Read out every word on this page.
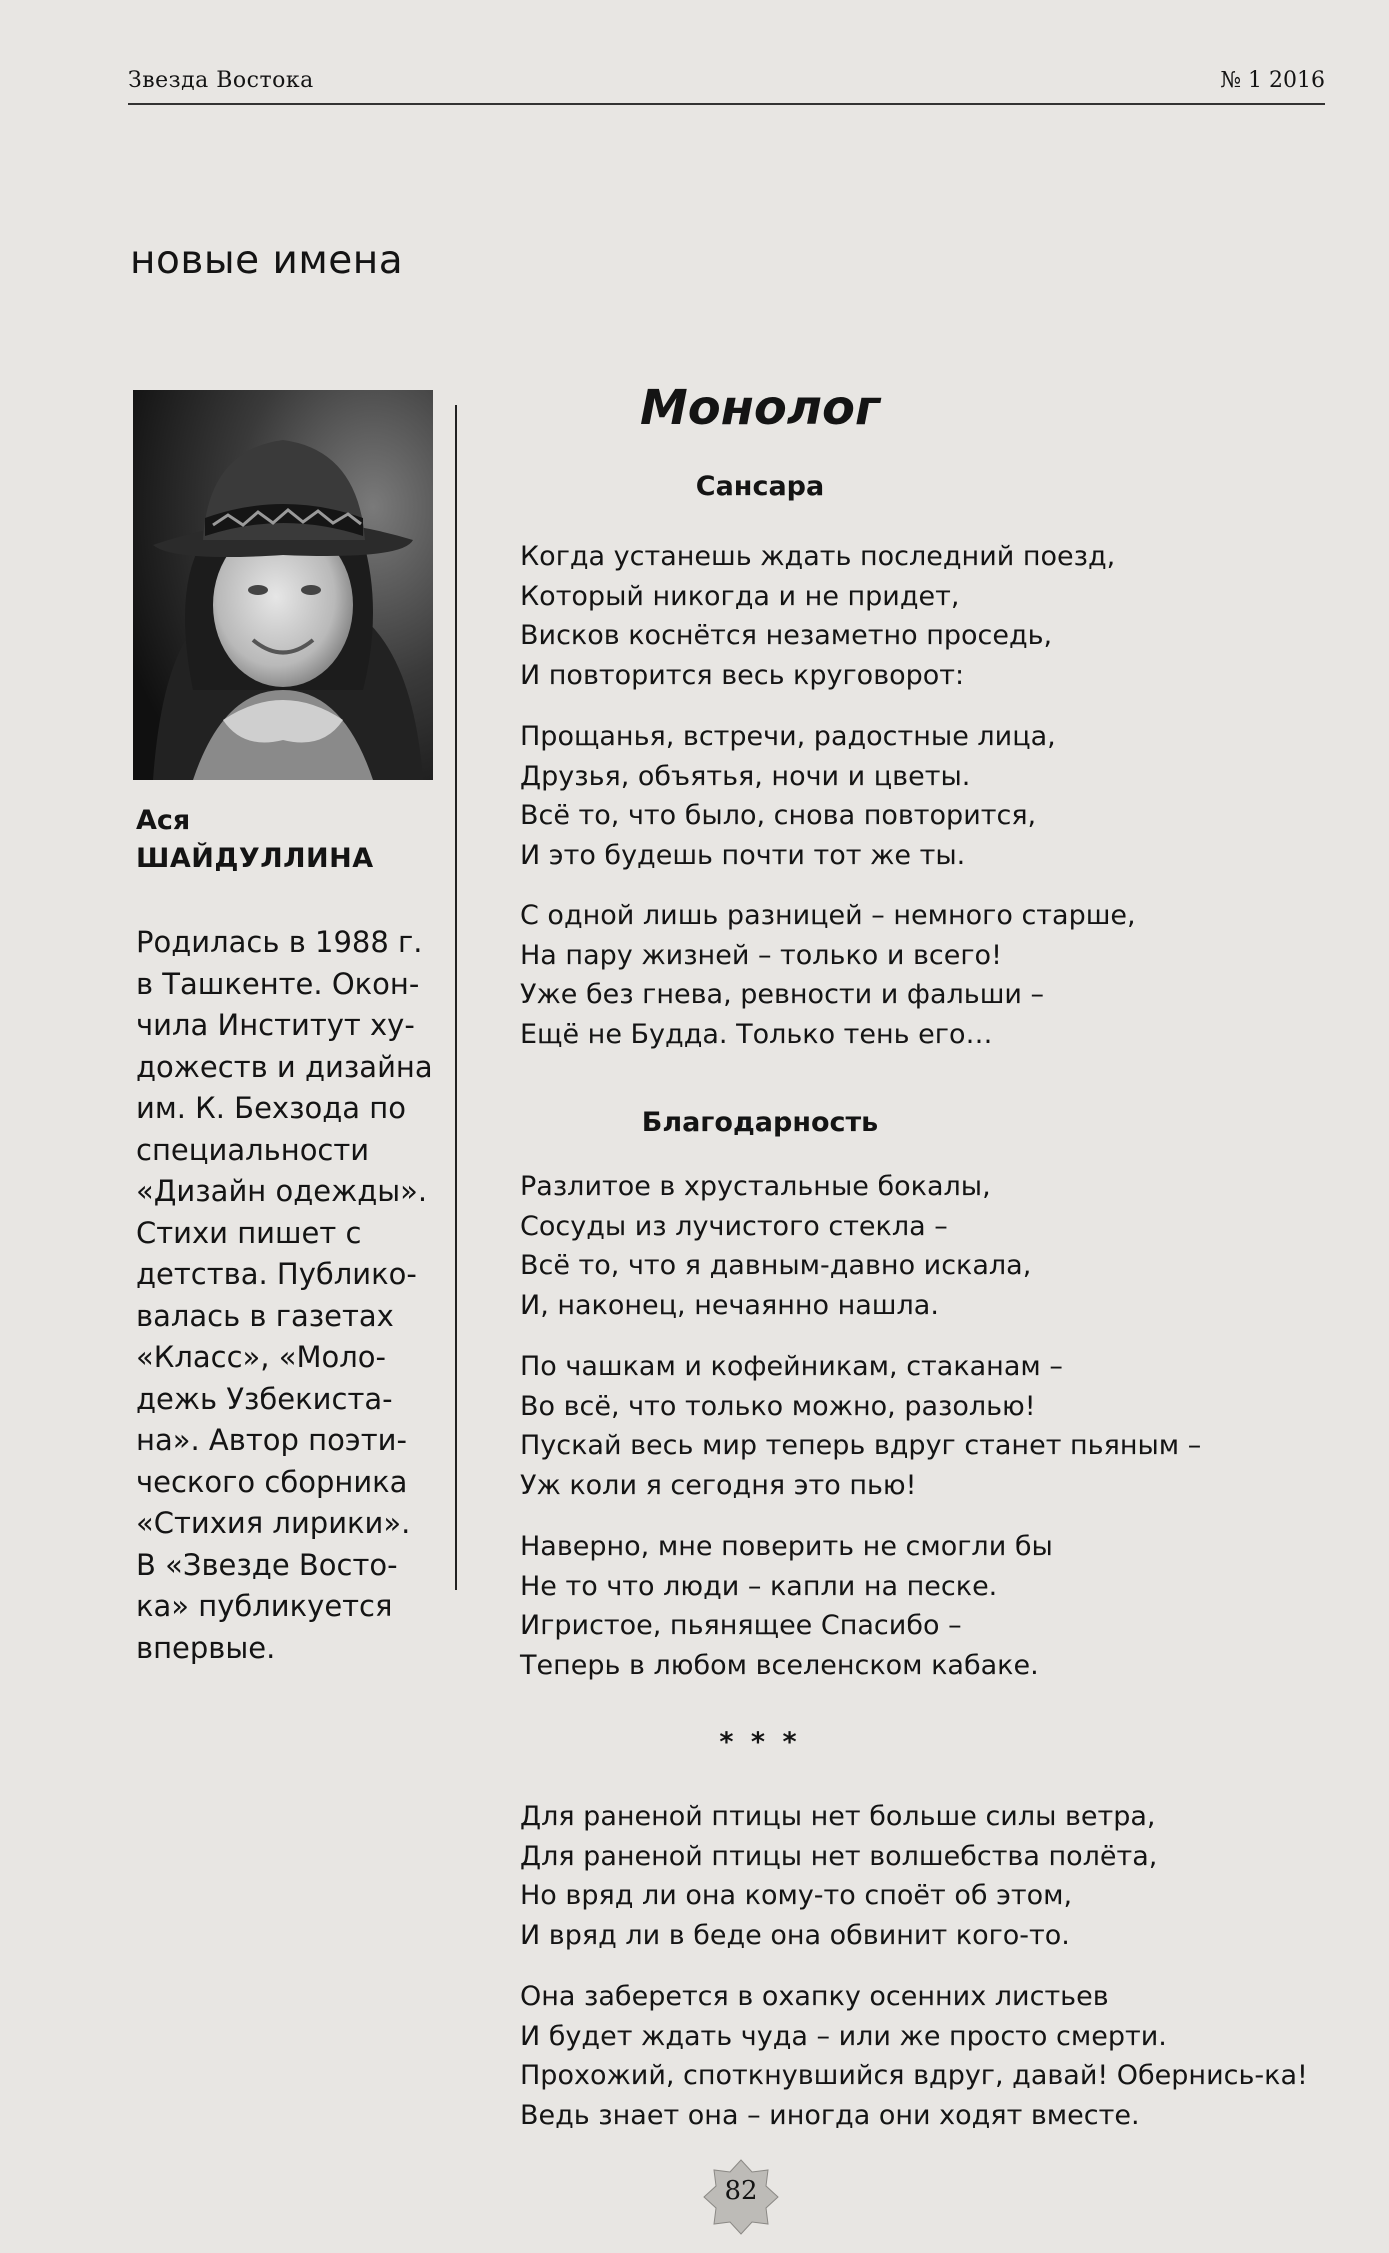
Звезда Востока	№ 1 2016
новые имена
Ася
ШАЙДУЛЛИНА
Родилась в 1988 г.
в Ташкенте. Окон-
чила Институт ху-
дожеств и дизайна
им. К. Бехзода по
специальности
«Дизайн одежды».
Стихи пишет с
детства. Публико-
валась в газетах
«Класс», «Моло-
дежь Узбекиста-
на». Автор поэти-
ческого сборника
«Стихия лирики».
В «Звезде Восто-
ка» публикуется
впервые.
Монолог
Сансара
Когда устанешь ждать последний поезд,
Который никогда и не придет,
Висков коснётся незаметно проседь,
И повторится весь круговорот:
Прощанья, встречи, радостные лица,
Друзья, объятья, ночи и цветы.
Всё то, что было, снова повторится,
И это будешь почти тот же ты.
С одной лишь разницей – немного старше,
На пару жизней – только и всего!
Уже без гнева, ревности и фальши –
Ещё не Будда. Только тень его…
Благодарность
Разлитое в хрустальные бокалы,
Сосуды из лучистого стекла –
Всё то, что я давным-давно искала,
И, наконец, нечаянно нашла.
По чашкам и кофейникам, стаканам –
Во всё, что только можно, разолью!
Пускай весь мир теперь вдруг станет пьяным –
Уж коли я сегодня это пью!
Наверно, мне поверить не смогли бы
Не то что люди – капли на песке.
Игристое, пьянящее Спасибо –
Теперь в любом вселенском кабаке.
* * *
Для раненой птицы нет больше силы ветра,
Для раненой птицы нет волшебства полёта,
Но вряд ли она кому-то споёт об этом,
И вряд ли в беде она обвинит кого-то.
Она заберется в охапку осенних листьев
И будет ждать чуда – или же просто смерти.
Прохожий, споткнувшийся вдруг, давай! Обернись-ка!
Ведь знает она – иногда они ходят вместе.
82
